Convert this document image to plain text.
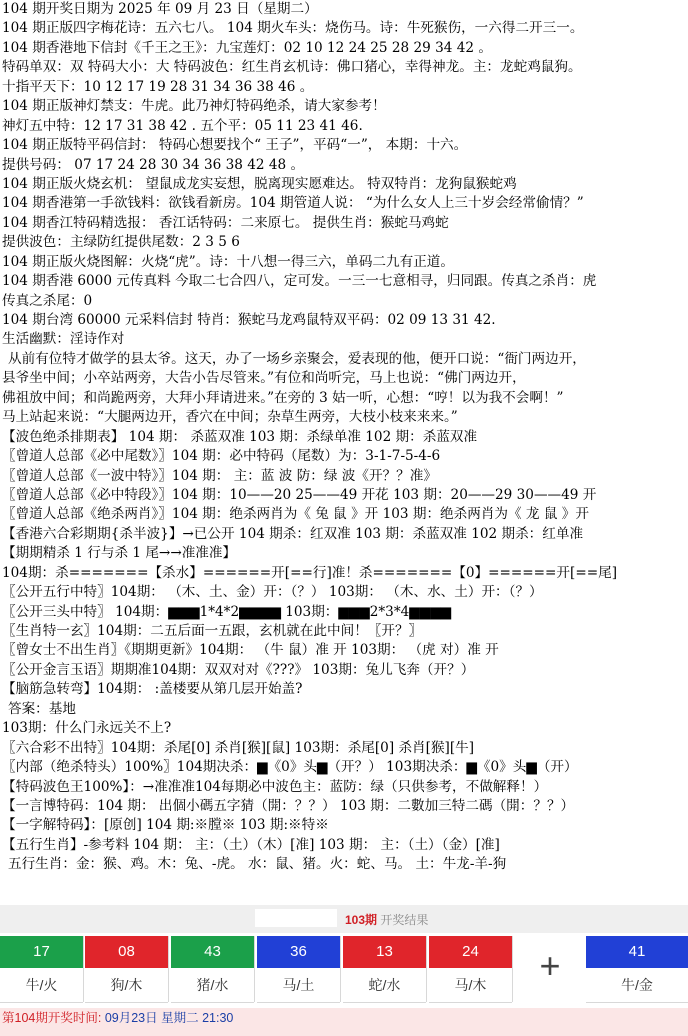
104 期开奖日期为 2025 年 09 月 23 日（星期二）
104 期正版四字梅花诗：五六七八。 104 期火车头：烧伤马。诗：牛死猴伤，一六得二开三一。
104 期香港地下信封《千王之王》：九宝莲灯：02 10 12 24 25 28 29 34 42 。
特码单双：双 特码大小：大 特码波色：红生肖玄机诗：佛口猪心，幸得神龙。主：龙蛇鸡鼠狗。
十指平天下：10 12 17 19 28 31 34 36 38 46 。
104 期正版神灯禁支：牛虎。此乃神灯特码绝杀，请大家参考！
神灯五中特：12 17 31 38 42 . 五个平：05 11 23 41 46.
104 期正版特平码信封： 特码心想要找个“ 王子”，平码“一”， 本期：十六。
提供号码： 07 17 24 28 30 34 36 38 42 48 。
104 期正版火烧玄机： 望鼠成龙实妄想，脱离现实愿难达。 特双特肖：龙狗鼠猴蛇鸡
104 期香港第一手欲钱料：欲钱看新房。104 期管道人说： “为什么女人上三十岁会经常偷情？”
104 期香江特码精选报： 香江话特码：二来原七。 提供生肖：猴蛇马鸡蛇
提供波色：主绿防红提供尾数：2 3 5 6
104 期正版火烧图解：火烧“虎”。诗：十八想一得三六，单码二九有正道。
104 期香港 6000 元传真料 今取二七合四八，定可发。一三一七意相寻，归同跟。传真之杀肖：虎
传真之杀尾：0
104 期台湾 60000 元采料信封 特肖：猴蛇马龙鸡鼠特双平码：02 09 13 31 42.
生活幽默：淫诗作对
从前有位特才做学的县太爷。这天，办了一场乡亲聚会，爱表现的他，便开口说：“衙门两边开，
县爷坐中间；小卒站两旁，大告小告尽管来。”有位和尚听完，马上也说：“佛门两边开，
佛祖放中间；和尚跪两旁，大拜小拜请进来。”在旁的 3 姑一听，心想：“哼！以为我不会啊！”
马上站起来说：“大腿两边开，香穴在中间；杂草生两旁，大枝小枝来来来。”
【波色绝杀排期表】 104 期： 杀蓝双准 103 期：杀绿单准 102 期：杀蓝双准
〖曾道人总部《必中尾数》〗104 期：必中特码（尾数）为：3-1-7-5-4-6
〖曾道人总部《一波中特》〗104 期： 主：蓝 波 防：绿 波《开？？准》
〖曾道人总部《必中特段》〗104 期：10——20 25——49 开花 103 期：20——29 30——49 开
〖曾道人总部《绝杀两肖》〗104 期：绝杀两肖为《 兔 鼠 》开 103 期：绝杀两肖为《 龙 鼠 》开
【香港六合彩期期{杀半波}】→已公开 104 期杀：红双准 103 期：杀蓝双准 102 期杀：红单准
【期期精杀 1 行与杀 1 尾→→准准准】
104期：杀=======【杀水】======开[==行]准！杀=======【0】======开[==尾]
〖公开五行中特〗104期： （木、土、金）开：（？） 103期： （木、水、土）开：（？）
〖公开三头中特〗 104期：▆▆▆1*4*2▆▆▆▆ 103期：▆▆▆2*3*4▆▆▆▆
〖生肖特一玄〗104期：二五后面一五跟，玄机就在此中间！〖开？〗
〖曾女士不出生肖〗《期期更新》104期： （牛 鼠）准 开 103期： （虎 对）准 开
〖公开金言玉语〗期期准104期：双双对对《???》 103期：兔儿飞奔（开？）
【脑筋急转弯】104期： :盖楼要从第几层开始盖?
答案：基地
103期：什么门永远关不上?
〖六合彩不出特〗104期：杀尾[0] 杀肖[猴][鼠] 103期：杀尾[0] 杀肖[猴][牛]
〖内部（绝杀特头）100%〗104期决杀：▆《0》头▆（开？） 103期决杀：▆《0》头▆（开）
【特码波色王100%】：→准准准104每期必中波色主：蓝防：绿（只供参考，不做解释！）
【一言博特码：104 期： 出個小碼五字猜（開：？？） 103 期：二數加三特二碼（開：？？）
【一字解特码】：[原创] 104 期:※膛※ 103 期:※特※
【五行生肖】-参考料 104 期： 主：（土）（木）[准] 103 期： 主：（土）（金）[准]
五行生肖：金：猴、鸡。木：兔、-虎。 水：鼠、猪。火：蛇、马。 土：牛龙-羊-狗
103期 开奖结果
17
牛/火
08
狗/木
43
猪/水
36
马/土
13
蛇/水
24
马/木	+	41
牛/金
第104期开奖时间: 09月23日 星期二 21:30
